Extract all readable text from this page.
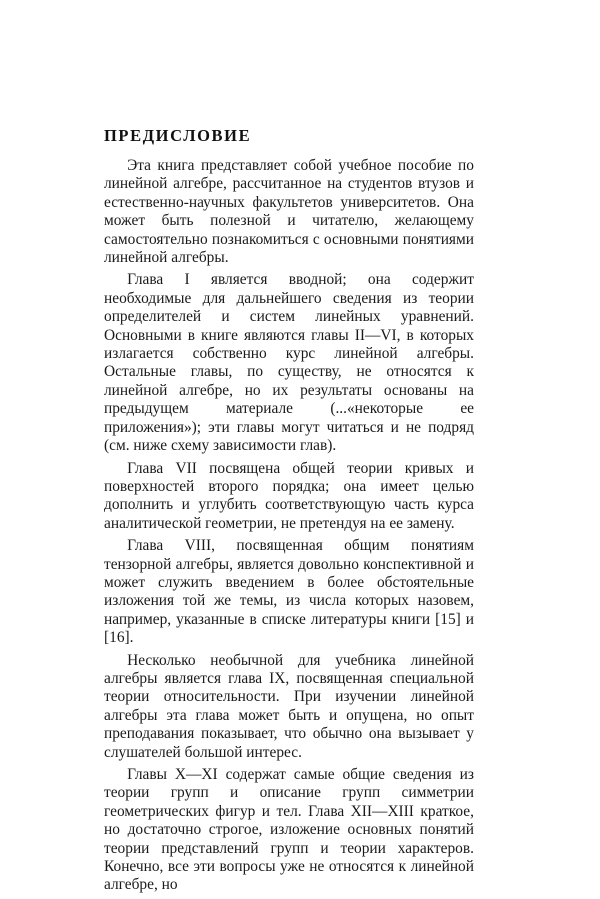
ПРЕДИСЛОВИЕ

Эта книга представляет собой учебное пособие по линейной алгебре, рассчитанное на студентов втузов и естественно-научных факультетов университетов. Она может быть полезной и читателю, желающему самостоятельно познакомиться с основными понятиями линейной алгебры.

Глава I является вводной; она содержит необходимые для дальнейшего сведения из теории определителей и систем линейных уравнений. Основными в книге являются главы II—VI, в которых излагается собственно курс линейной алгебры. Остальные главы, по существу, не относятся к линейной алгебре, но их результаты основаны на предыдущем материале (...«некоторые ее приложения»); эти главы могут читаться и не подряд (см. ниже схему зависимости глав).

Глава VII посвящена общей теории кривых и поверхностей второго порядка; она имеет целью дополнить и углубить соответствующую часть курса аналитической геометрии, не претендуя на ее замену.

Глава VIII, посвященная общим понятиям тензорной алгебры, является довольно конспективной и может служить введением в более обстоятельные изложения той же темы, из числа которых назовем, например, указанные в списке литературы книги [15] и [16].

Несколько необычной для учебника линейной алгебры является глава IX, посвященная специальной теории относительности. При изучении линейной алгебры эта глава может быть и опущена, но опыт преподавания показывает, что обычно она вызывает у слушателей большой интерес.

Главы X—XI содержат самые общие сведения из теории групп и описание групп симметрии геометрических фигур и тел. Глава XII—XIII краткое, но достаточно строгое, изложение основных понятий теории представлений групп и теории характеров. Конечно, все эти вопросы уже не относятся к линейной алгебре, но
